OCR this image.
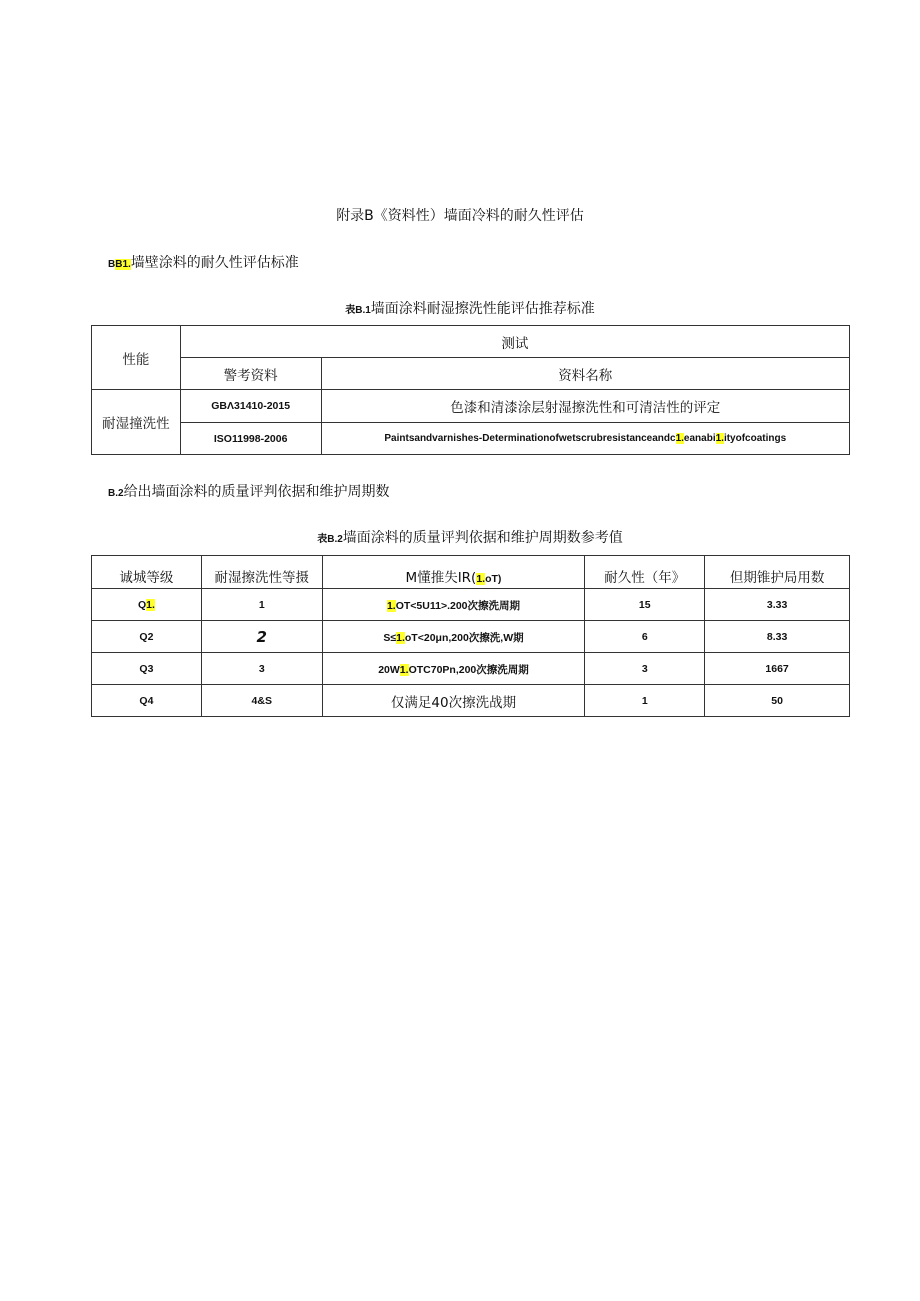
附录B《资料性）墙面冷料的耐久性评估
BB1.墙壁涂料的耐久性评估标准
表B.1墙面涂料耐湿擦洗性能评估推荐标准
性能	测试	
	警考资料	资料名称
耐湿撞洗性	GBΛ31410-2015	色漆和清漆涂层射湿擦洗性和可清洁性的评定
	ISO11998-2006	Paintsandvarnishes-Determinationofwetscrubresistanceandc1.eanabi1.ityofcoatings
B.2给出墙面涂料的质量评判依据和维护周期数
表B.2墙面涂料的质量评判依据和维护周期数参考值
诚城等级	耐湿擦洗性等摄	M懂推失IR(1.oT)	耐久性（年》	但期锥护局用数
Q1.	1	1.OT<5U11>.200次擦洗周期	15	3.33
Q2	2	S≤1.oT<20μn,200次擦洗,W期	6	8.33
Q3	3	20W1.OTC70Pn,200次擦洗周期	3	1667
Q4	4&S	仅满足40次擦洗战期	1	50
